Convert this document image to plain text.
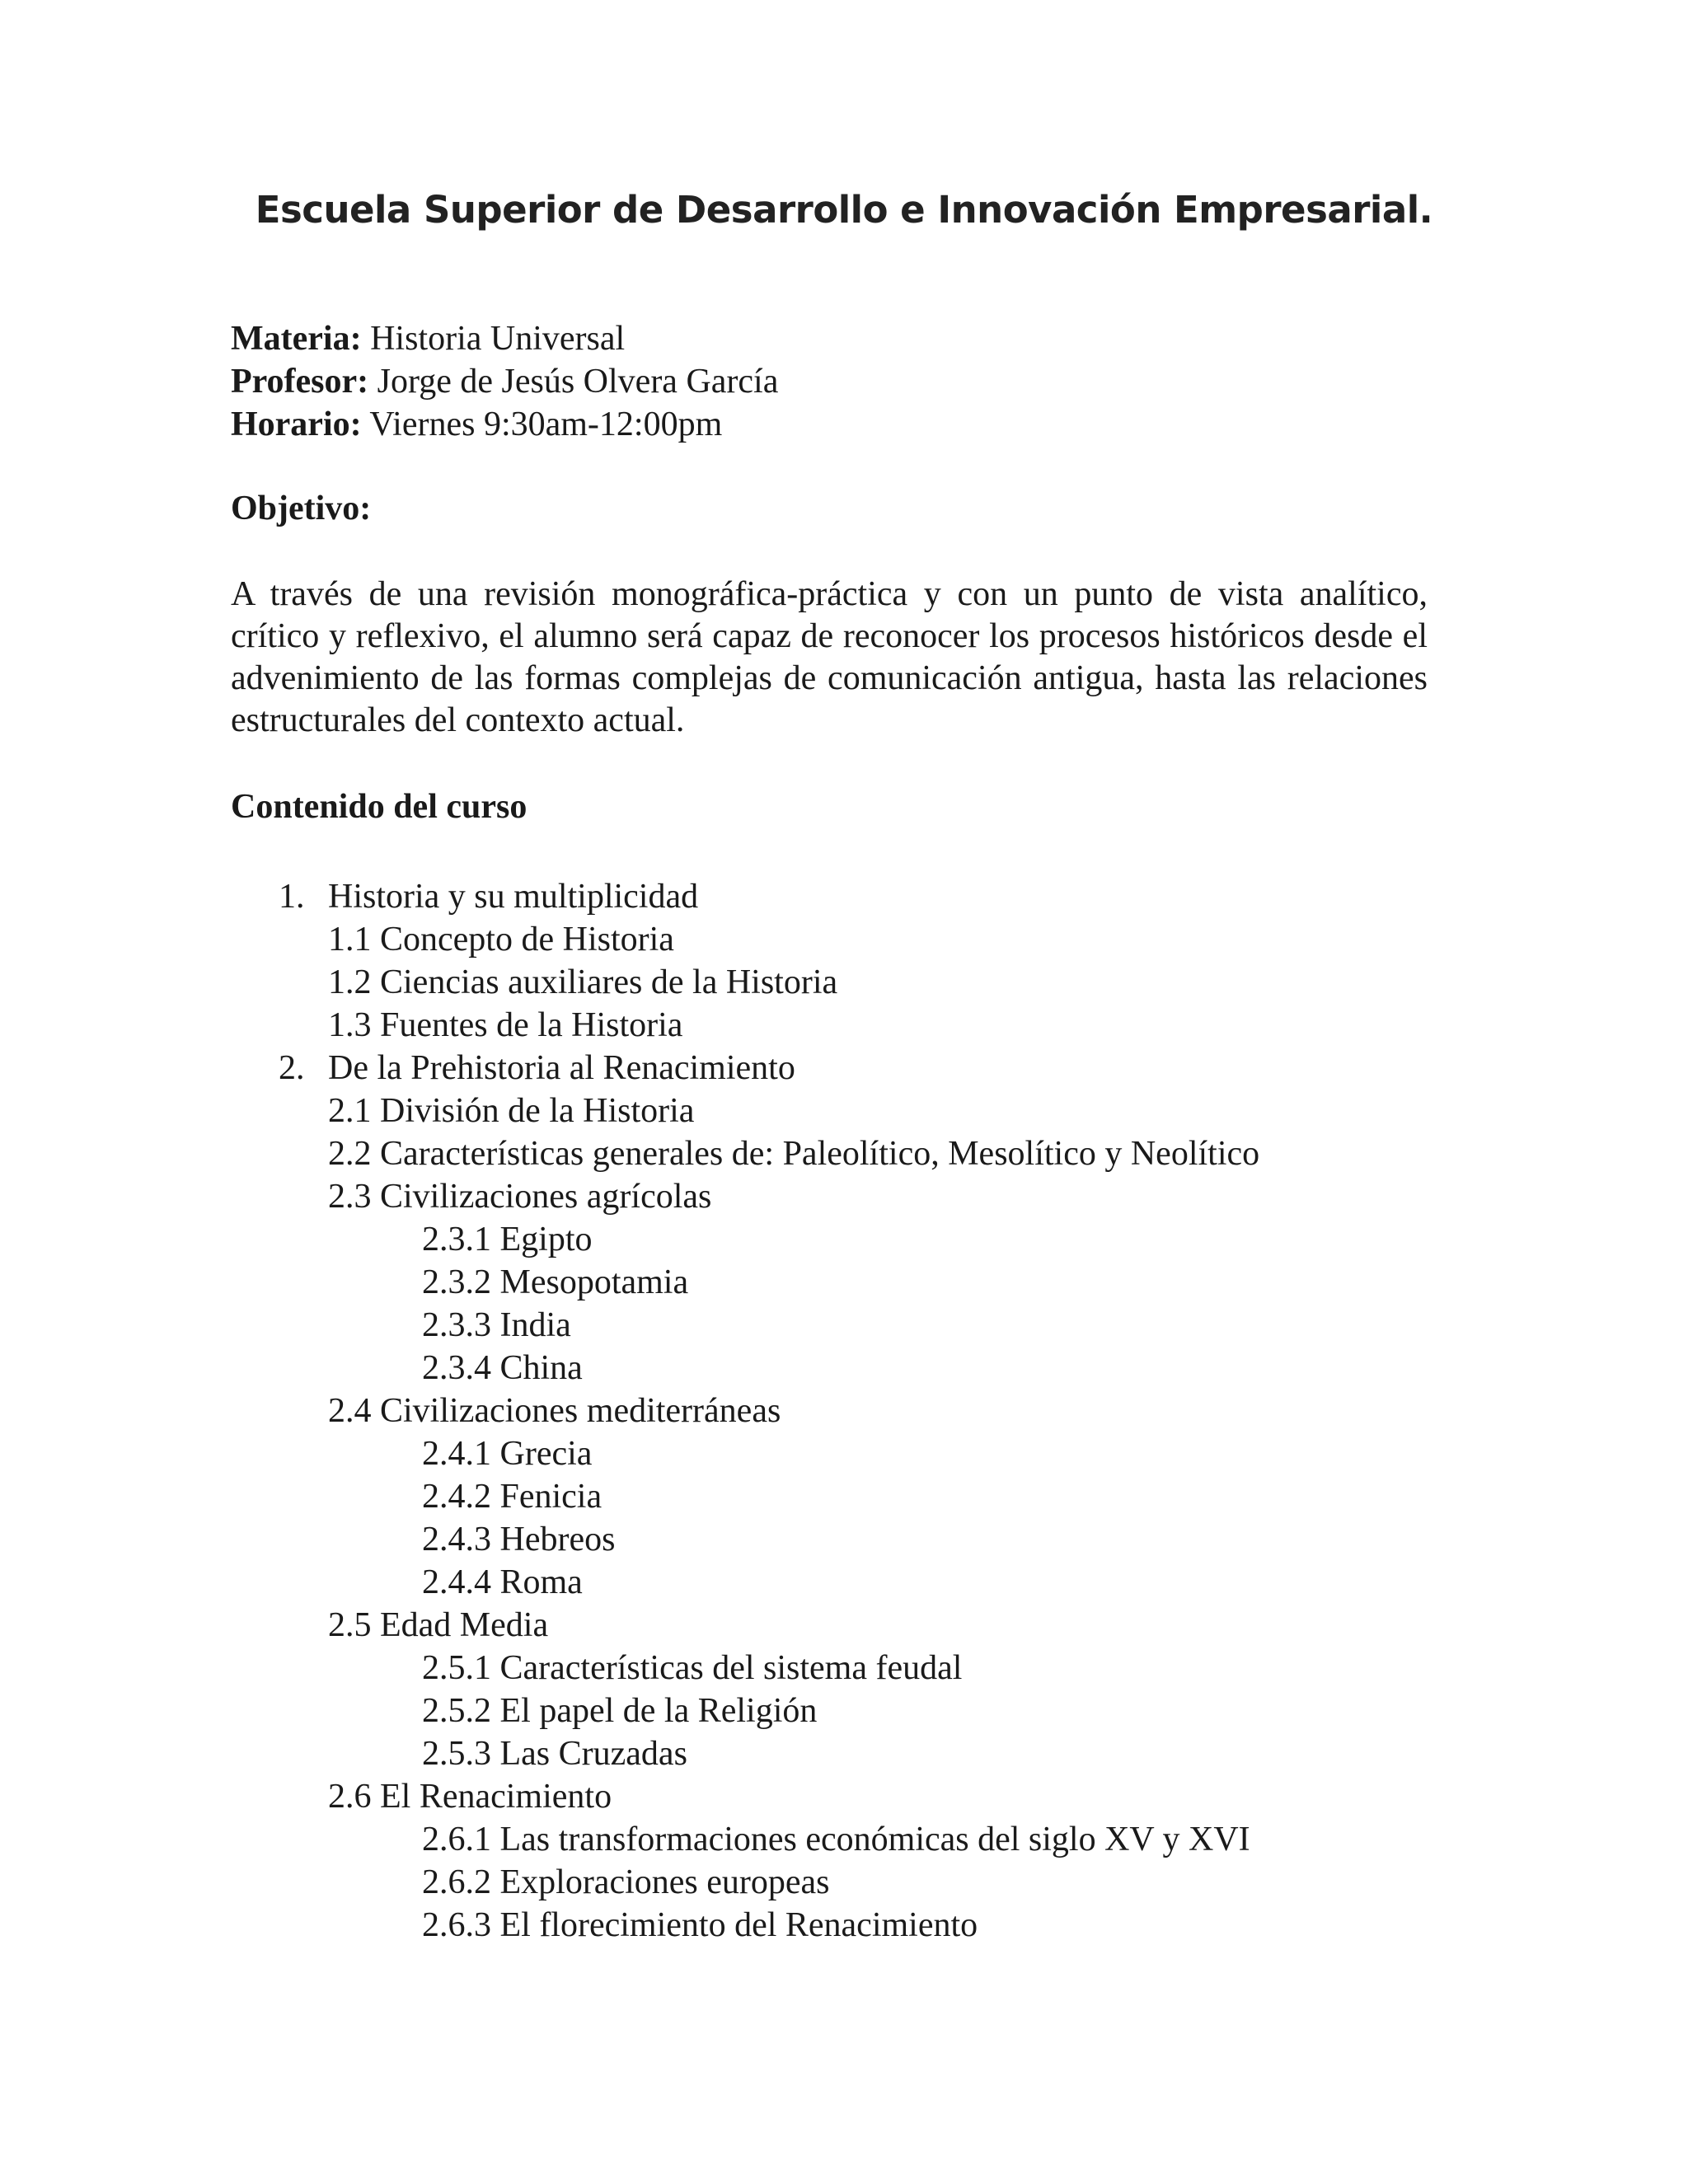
Escuela Superior de Desarrollo e Innovación Empresarial.
Materia: Historia Universal
Profesor: Jorge de Jesús Olvera García
Horario: Viernes 9:30am-12:00pm
Objetivo:
A través de una revisión monográfica-práctica y con un punto de vista analítico, crítico y reflexivo, el alumno será capaz de reconocer los procesos históricos desde el advenimiento de las formas complejas de comunicación antigua, hasta las relaciones estructurales del contexto actual.
Contenido del curso
1. Historia y su multiplicidad
1.1 Concepto de Historia
1.2 Ciencias auxiliares de la Historia
1.3 Fuentes de la Historia
2. De la Prehistoria al Renacimiento
2.1 División de la Historia
2.2 Características generales de: Paleolítico, Mesolítico y Neolítico
2.3 Civilizaciones agrícolas
2.3.1 Egipto
2.3.2 Mesopotamia
2.3.3 India
2.3.4 China
2.4 Civilizaciones mediterráneas
2.4.1 Grecia
2.4.2 Fenicia
2.4.3 Hebreos
2.4.4 Roma
2.5 Edad Media
2.5.1 Características del sistema feudal
2.5.2 El papel de la Religión
2.5.3 Las Cruzadas
2.6 El Renacimiento
2.6.1 Las transformaciones económicas del siglo XV y XVI
2.6.2 Exploraciones europeas
2.6.3 El florecimiento del Renacimiento
